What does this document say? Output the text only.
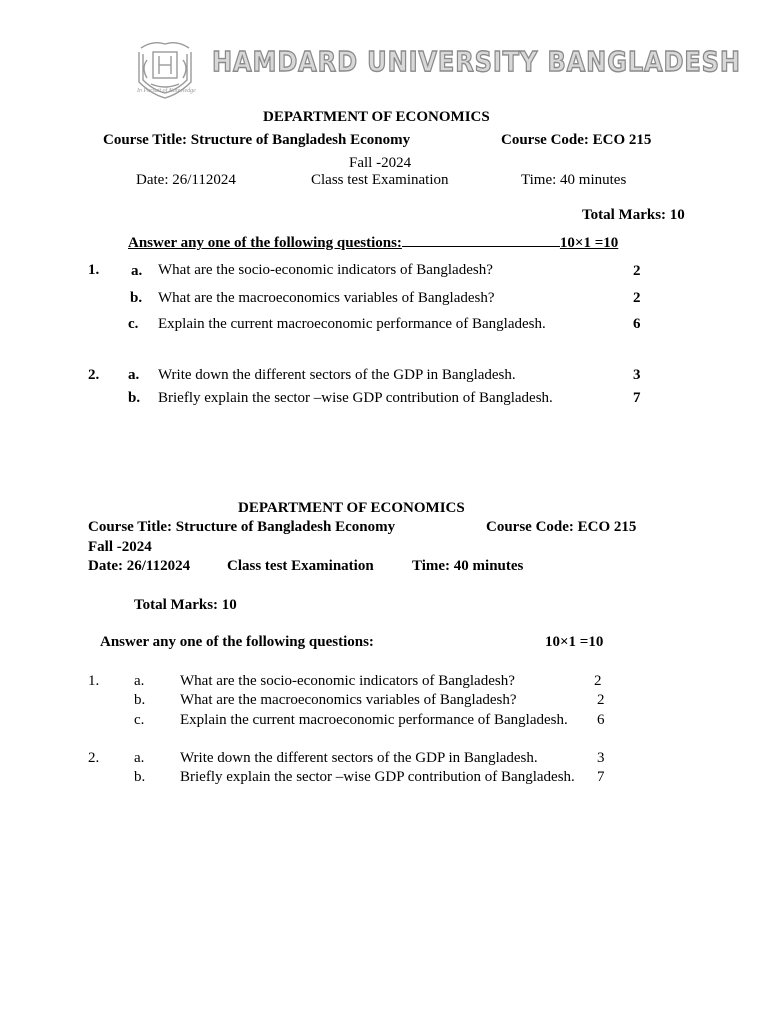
HAMDARD UNIVERSITY BANGLADESH
In Pursuit of Knowledge
DEPARTMENT OF ECONOMICS
Course Title: Structure of Bangladesh Economy	Course Code: ECO 215
Fall -2024
Date: 26/112024	Class test Examination	Time: 40 minutes
Total Marks: 10
Answer any one of the following questions:	10×1 =10
1. a. What are the socio-economic indicators of Bangladesh?	2
b. What are the macroeconomics variables of Bangladesh?	2
c. Explain the current macroeconomic performance of Bangladesh.	6
2. a. Write down the different sectors of the GDP in Bangladesh.	3
b. Briefly explain the sector –wise GDP contribution of Bangladesh.	7
DEPARTMENT OF ECONOMICS
Course Title: Structure of Bangladesh Economy	Course Code: ECO 215
Fall -2024
Date: 26/112024 Class test Examination	Time: 40 minutes
Total Marks: 10
Answer any one of the following questions:	10×1 =10
1. a. What are the socio-economic indicators of Bangladesh?	2
b. What are the macroeconomics variables of Bangladesh?	2
c. Explain the current macroeconomic performance of Bangladesh. 6
2. a. Write down the different sectors of the GDP in Bangladesh.	3
b. Briefly explain the sector –wise GDP contribution of Bangladesh. 7
